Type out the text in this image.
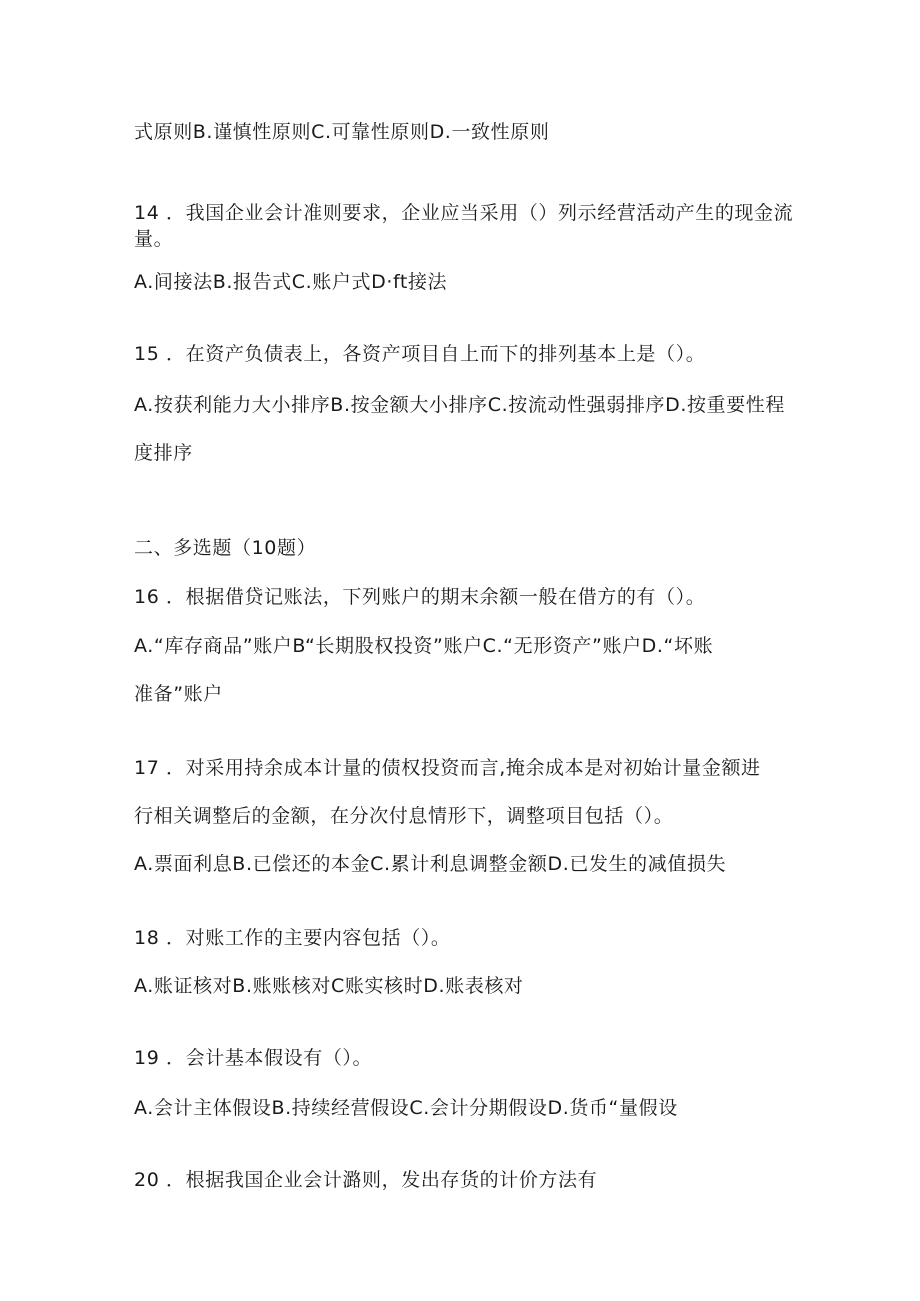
式原则B.谨慎性原则C.可靠性原则D.一致性原则
14 ．我国企业会计准则要求，企业应当采用（）列示经营活动产生的现金流量。
A.间接法B.报告式C.账户式D·ft接法
15 ．在资产负债表上，各资产项目自上而下的排列基本上是（）。
A.按获利能力大小排序B.按金额大小排序C.按流动性强弱排序D.按重要性程
度排序
二、多选题（10题）
16 ．根据借贷记账法，下列账户的期末余额一般在借方的有（）。
A.“库存商品”账户B“长期股权投资”账户C.“无形资产”账户D.“坏账
准备”账户
17 ．对采用持余成本计量的债权投资而言,掩余成本是对初始计量金额进
行相关调整后的金额，在分次付息情形下，调整项目包括（）。
A.票面利息B.已偿还的本金C.累计利息调整金额D.已发生的减值损失
18 ．对账工作的主要内容包括（）。
A.账证核对B.账账核对C账实核时D.账表核对
19 ．会计基本假设有（）。
A.会计主体假设B.持续经营假设C.会计分期假设D.货币“量假设
20 ．根据我国企业会计潞则，发出存货的计价方法有
